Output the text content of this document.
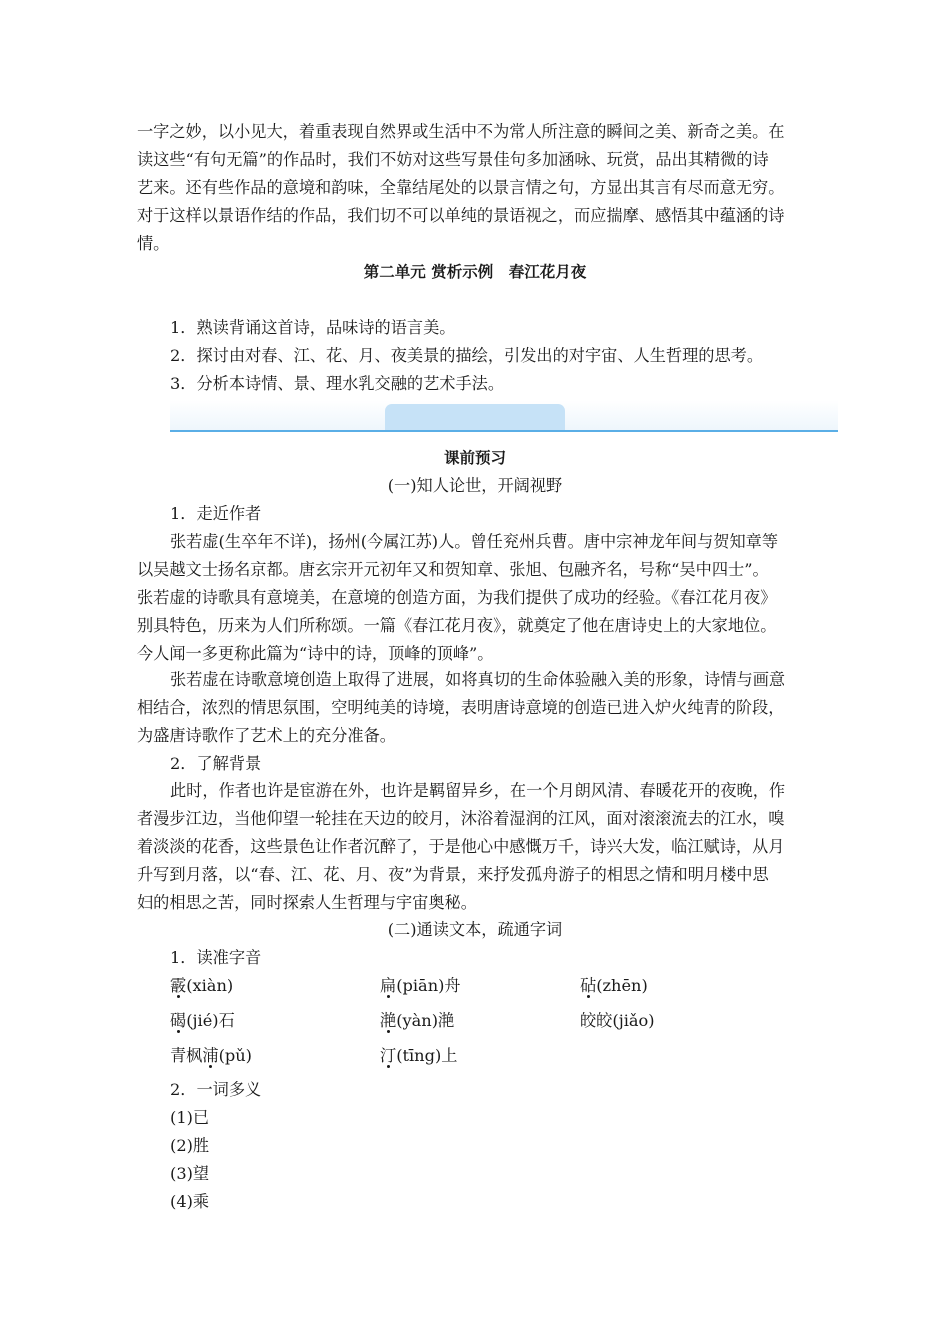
一字之妙，以小见大，着重表现自然界或生活中不为常人所注意的瞬间之美、新奇之美。在
读这些“有句无篇”的作品时，我们不妨对这些写景佳句多加涵咏、玩赏，品出其精微的诗
艺来。还有些作品的意境和韵味，全靠结尾处的以景言情之句，方显出其言有尽而意无穷。
对于这样以景语作结的作品，我们切不可以单纯的景语视之，而应揣摩、感悟其中蕴涵的诗
情。
第二单元 赏析示例　春江花月夜
1．熟读背诵这首诗，品味诗的语言美。
2．探讨由对春、江、花、月、夜美景的描绘，引发出的对宇宙、人生哲理的思考。
3．分析本诗情、景、理水乳交融的艺术手法。
课前预习
(一)知人论世，开阔视野
1．走近作者
张若虚(生卒年不详)，扬州(今属江苏)人。曾任兖州兵曹。唐中宗神龙年间与贺知章等
以吴越文士扬名京都。唐玄宗开元初年又和贺知章、张旭、包融齐名，号称“吴中四士”。
张若虚的诗歌具有意境美，在意境的创造方面，为我们提供了成功的经验。《春江花月夜》
别具特色，历来为人们所称颂。一篇《春江花月夜》，就奠定了他在唐诗史上的大家地位。
今人闻一多更称此篇为“诗中的诗，顶峰的顶峰”。
张若虚在诗歌意境创造上取得了进展，如将真切的生命体验融入美的形象，诗情与画意
相结合，浓烈的情思氛围，空明纯美的诗境，表明唐诗意境的创造已进入炉火纯青的阶段，
为盛唐诗歌作了艺术上的充分准备。
2．了解背景
此时，作者也许是宦游在外，也许是羁留异乡，在一个月朗风清、春暖花开的夜晚，作
者漫步江边，当他仰望一轮挂在天边的皎月，沐浴着湿润的江风，面对滚滚流去的江水，嗅
着淡淡的花香，这些景色让作者沉醉了，于是他心中感慨万千，诗兴大发，临江赋诗，从月
升写到月落，以“春、江、花、月、夜”为背景，来抒发孤舟游子的相思之情和明月楼中思
妇的相思之苦，同时探索人生哲理与宇宙奥秘。
(二)通读文本，疏通字词
1．读准字音
霰(xiàn)	扁(piān)舟	砧(zhēn)
碣(jié)石	滟(yàn)滟	皎皎(jiǎo)
青枫浦(pǔ)	汀(tīng)上
2．一词多义
(1)已
(2)胜
(3)望
(4)乘
